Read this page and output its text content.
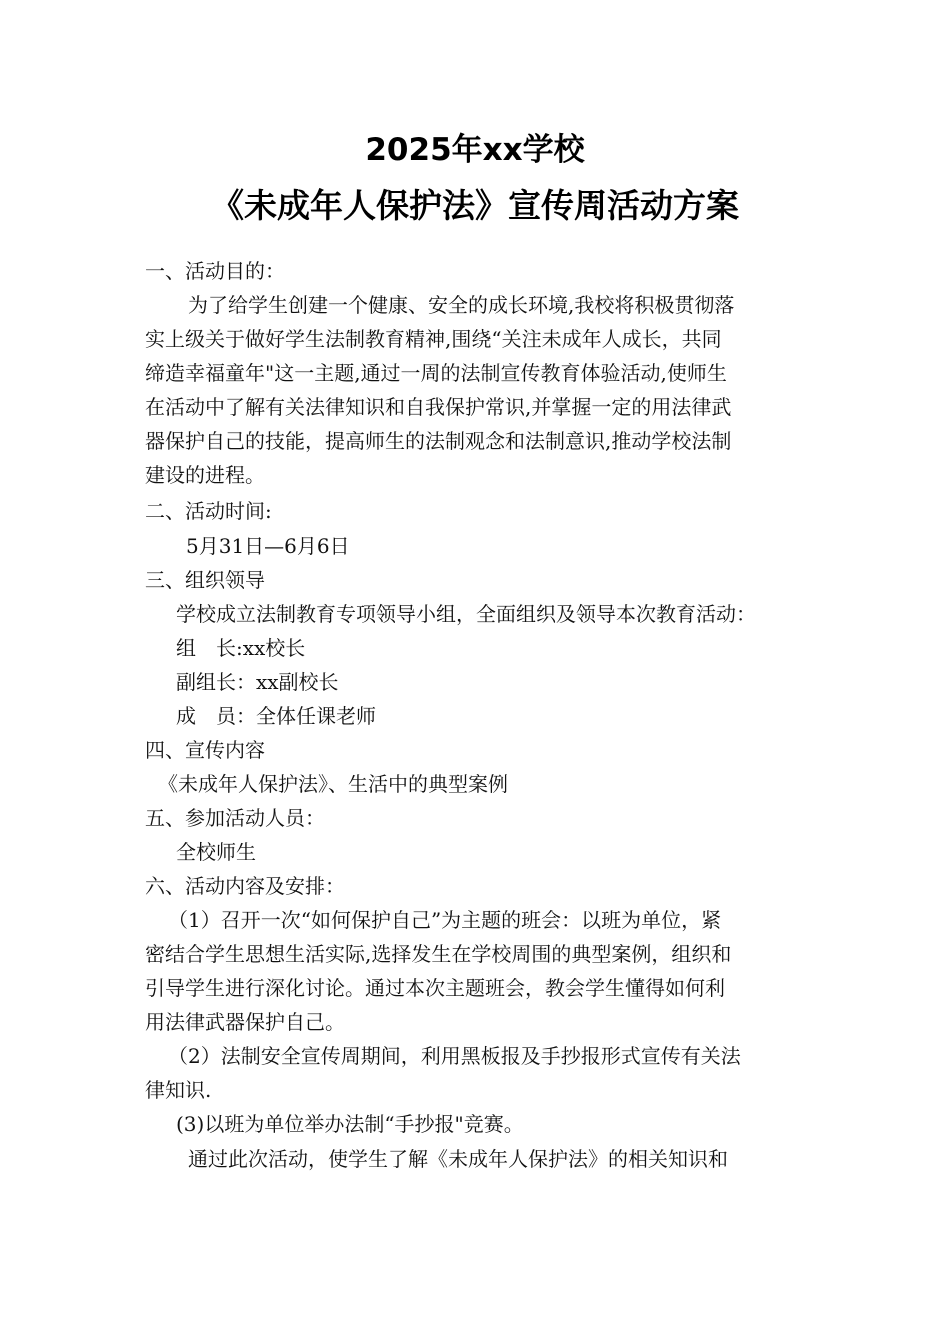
2025年xx学校
《未成年人保护法》宣传周活动方案
一、活动目的：
为了给学生创建一个健康、安全的成长环境,我校将积极贯彻落
实上级关于做好学生法制教育精神,围绕“关注未成年人成长，共同
缔造幸福童年"这一主题,通过一周的法制宣传教育体验活动,使师生
在活动中了解有关法律知识和自我保护常识,并掌握一定的用法律武
器保护自己的技能，提高师生的法制观念和法制意识,推动学校法制
建设的进程。
二、活动时间:
5月31日—6月6日
三、组织领导
学校成立法制教育专项领导小组，全面组织及领导本次教育活动：
组　长:xx校长
副组长：xx副校长
成　员：全体任课老师
四、宣传内容
《未成年人保护法》、生活中的典型案例
五、参加活动人员：
全校师生
六、活动内容及安排：
（1）召开一次“如何保护自己”为主题的班会：以班为单位，紧
密结合学生思想生活实际,选择发生在学校周围的典型案例，组织和
引导学生进行深化讨论。通过本次主题班会，教会学生懂得如何利
用法律武器保护自己。
（2）法制安全宣传周期间，利用黑板报及手抄报形式宣传有关法
律知识.
(3)以班为单位举办法制“手抄报"竞赛。
通过此次活动，使学生了解《未成年人保护法》的相关知识和
